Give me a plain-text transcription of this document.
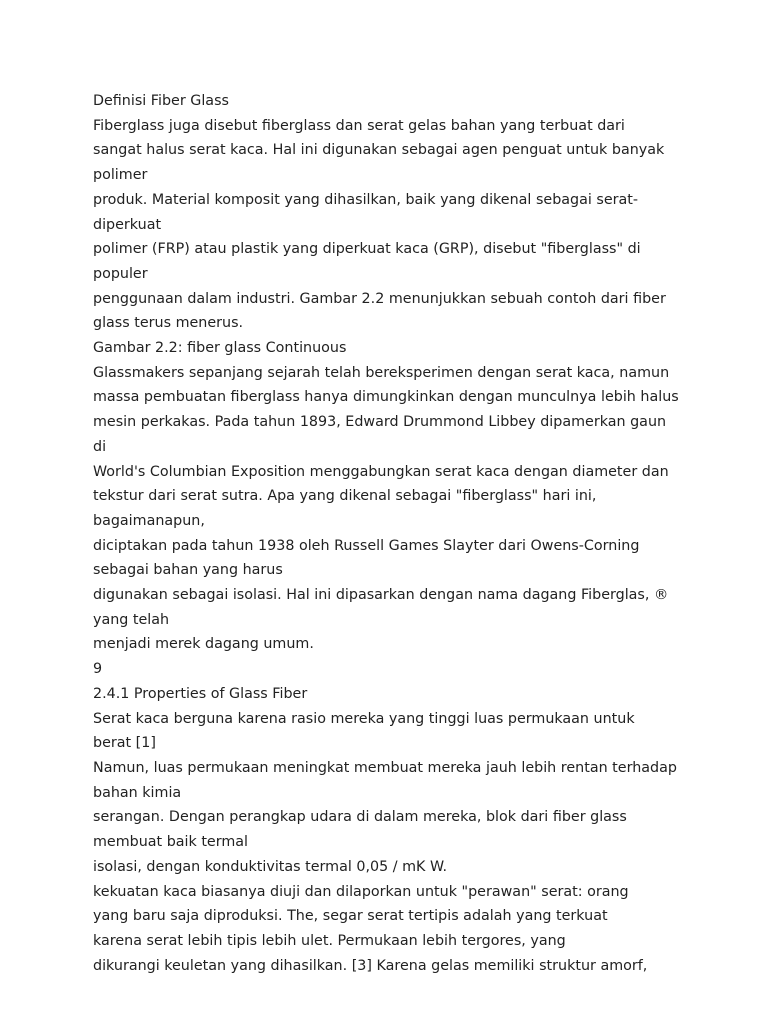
Definisi Fiber Glass
Fiberglass juga disebut fiberglass dan serat gelas bahan yang terbuat dari
sangat halus serat kaca. Hal ini digunakan sebagai agen penguat untuk banyak
polimer
produk. Material komposit yang dihasilkan, baik yang dikenal sebagai serat-
diperkuat
polimer (FRP) atau plastik yang diperkuat kaca (GRP), disebut "fiberglass" di
populer
penggunaan dalam industri. Gambar 2.2 menunjukkan sebuah contoh dari fiber
glass terus menerus.
Gambar 2.2: fiber glass Continuous
Glassmakers sepanjang sejarah telah bereksperimen dengan serat kaca, namun
massa pembuatan fiberglass hanya dimungkinkan dengan munculnya lebih halus
mesin perkakas. Pada tahun 1893, Edward Drummond Libbey dipamerkan gaun
di
World's Columbian Exposition menggabungkan serat kaca dengan diameter dan
tekstur dari serat sutra. Apa yang dikenal sebagai "fiberglass" hari ini,
bagaimanapun,
diciptakan pada tahun 1938 oleh Russell Games Slayter dari Owens-Corning
sebagai bahan yang harus
digunakan sebagai isolasi. Hal ini dipasarkan dengan nama dagang Fiberglas, ®
yang telah
menjadi merek dagang umum.
9
2.4.1 Properties of Glass Fiber
Serat kaca berguna karena rasio mereka yang tinggi luas permukaan untuk
berat [1]
Namun, luas permukaan meningkat membuat mereka jauh lebih rentan terhadap
bahan kimia
serangan. Dengan perangkap udara di dalam mereka, blok dari fiber glass
membuat baik termal
isolasi, dengan konduktivitas termal 0,05 / mK W.
kekuatan kaca biasanya diuji dan dilaporkan untuk "perawan" serat: orang
yang baru saja diproduksi. The, segar serat tertipis adalah yang terkuat
karena serat lebih tipis lebih ulet. Permukaan lebih tergores, yang
dikurangi keuletan yang dihasilkan. [3] Karena gelas memiliki struktur amorf,
